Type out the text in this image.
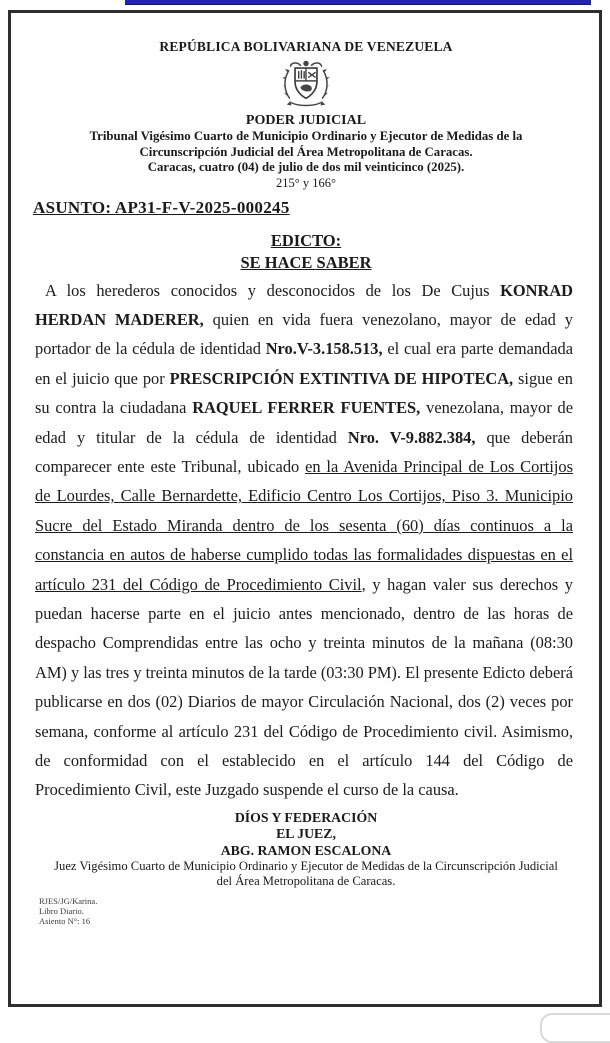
REPÚBLICA BOLIVARIANA DE VENEZUELA
PODER JUDICIAL
Tribunal Vigésimo Cuarto de Municipio Ordinario y Ejecutor de Medidas de la
Circunscripción Judicial del Área Metropolitana de Caracas.
Caracas, cuatro (04) de julio de dos mil veinticinco (2025).
215° y 166°
ASUNTO: AP31-F-V-2025-000245
EDICTO:
SE HACE SABER

A los herederos conocidos y desconocidos de los De Cujus KONRAD HERDAN MADERER, quien en vida fuera venezolano, mayor de edad y portador de la cédula de identidad Nro.V-3.158.513, el cual era parte demandada en el juicio que por PRESCRIPCIÓN EXTINTIVA DE HIPOTECA, sigue en su contra la ciudadana RAQUEL FERRER FUENTES, venezolana, mayor de edad y titular de la cédula de identidad Nro. V-9.882.384, que deberán comparecer ente este Tribunal, ubicado en la Avenida Principal de Los Cortijos de Lourdes, Calle Bernardette, Edificio Centro Los Cortijos, Piso 3. Municipio Sucre del Estado Miranda dentro de los sesenta (60) días continuos a la constancia en autos de haberse cumplido todas las formalidades dispuestas en el artículo 231 del Código de Procedimiento Civil, y hagan valer sus derechos y puedan hacerse parte en el juicio antes mencionado, dentro de las horas de despacho Comprendidas entre las ocho y treinta minutos de la mañana (08:30 AM) y las tres y treinta minutos de la tarde (03:30 PM). El presente Edicto deberá publicarse en dos (02) Diarios de mayor Circulación Nacional, dos (2) veces por semana, conforme al artículo 231 del Código de Procedimiento civil. Asimismo, de conformidad con el establecido en el artículo 144 del Código de Procedimiento Civil, este Juzgado suspende el curso de la causa.

DÍOS Y FEDERACIÓN
EL JUEZ,
ABG. RAMON ESCALONA
Juez Vigésimo Cuarto de Municipio Ordinario y Ejecutor de Medidas de la Circunscripción Judicial
del Área Metropolitana de Caracas.
RJES/JG/Karina.
Libro Diario.
Asiento N°: 16
